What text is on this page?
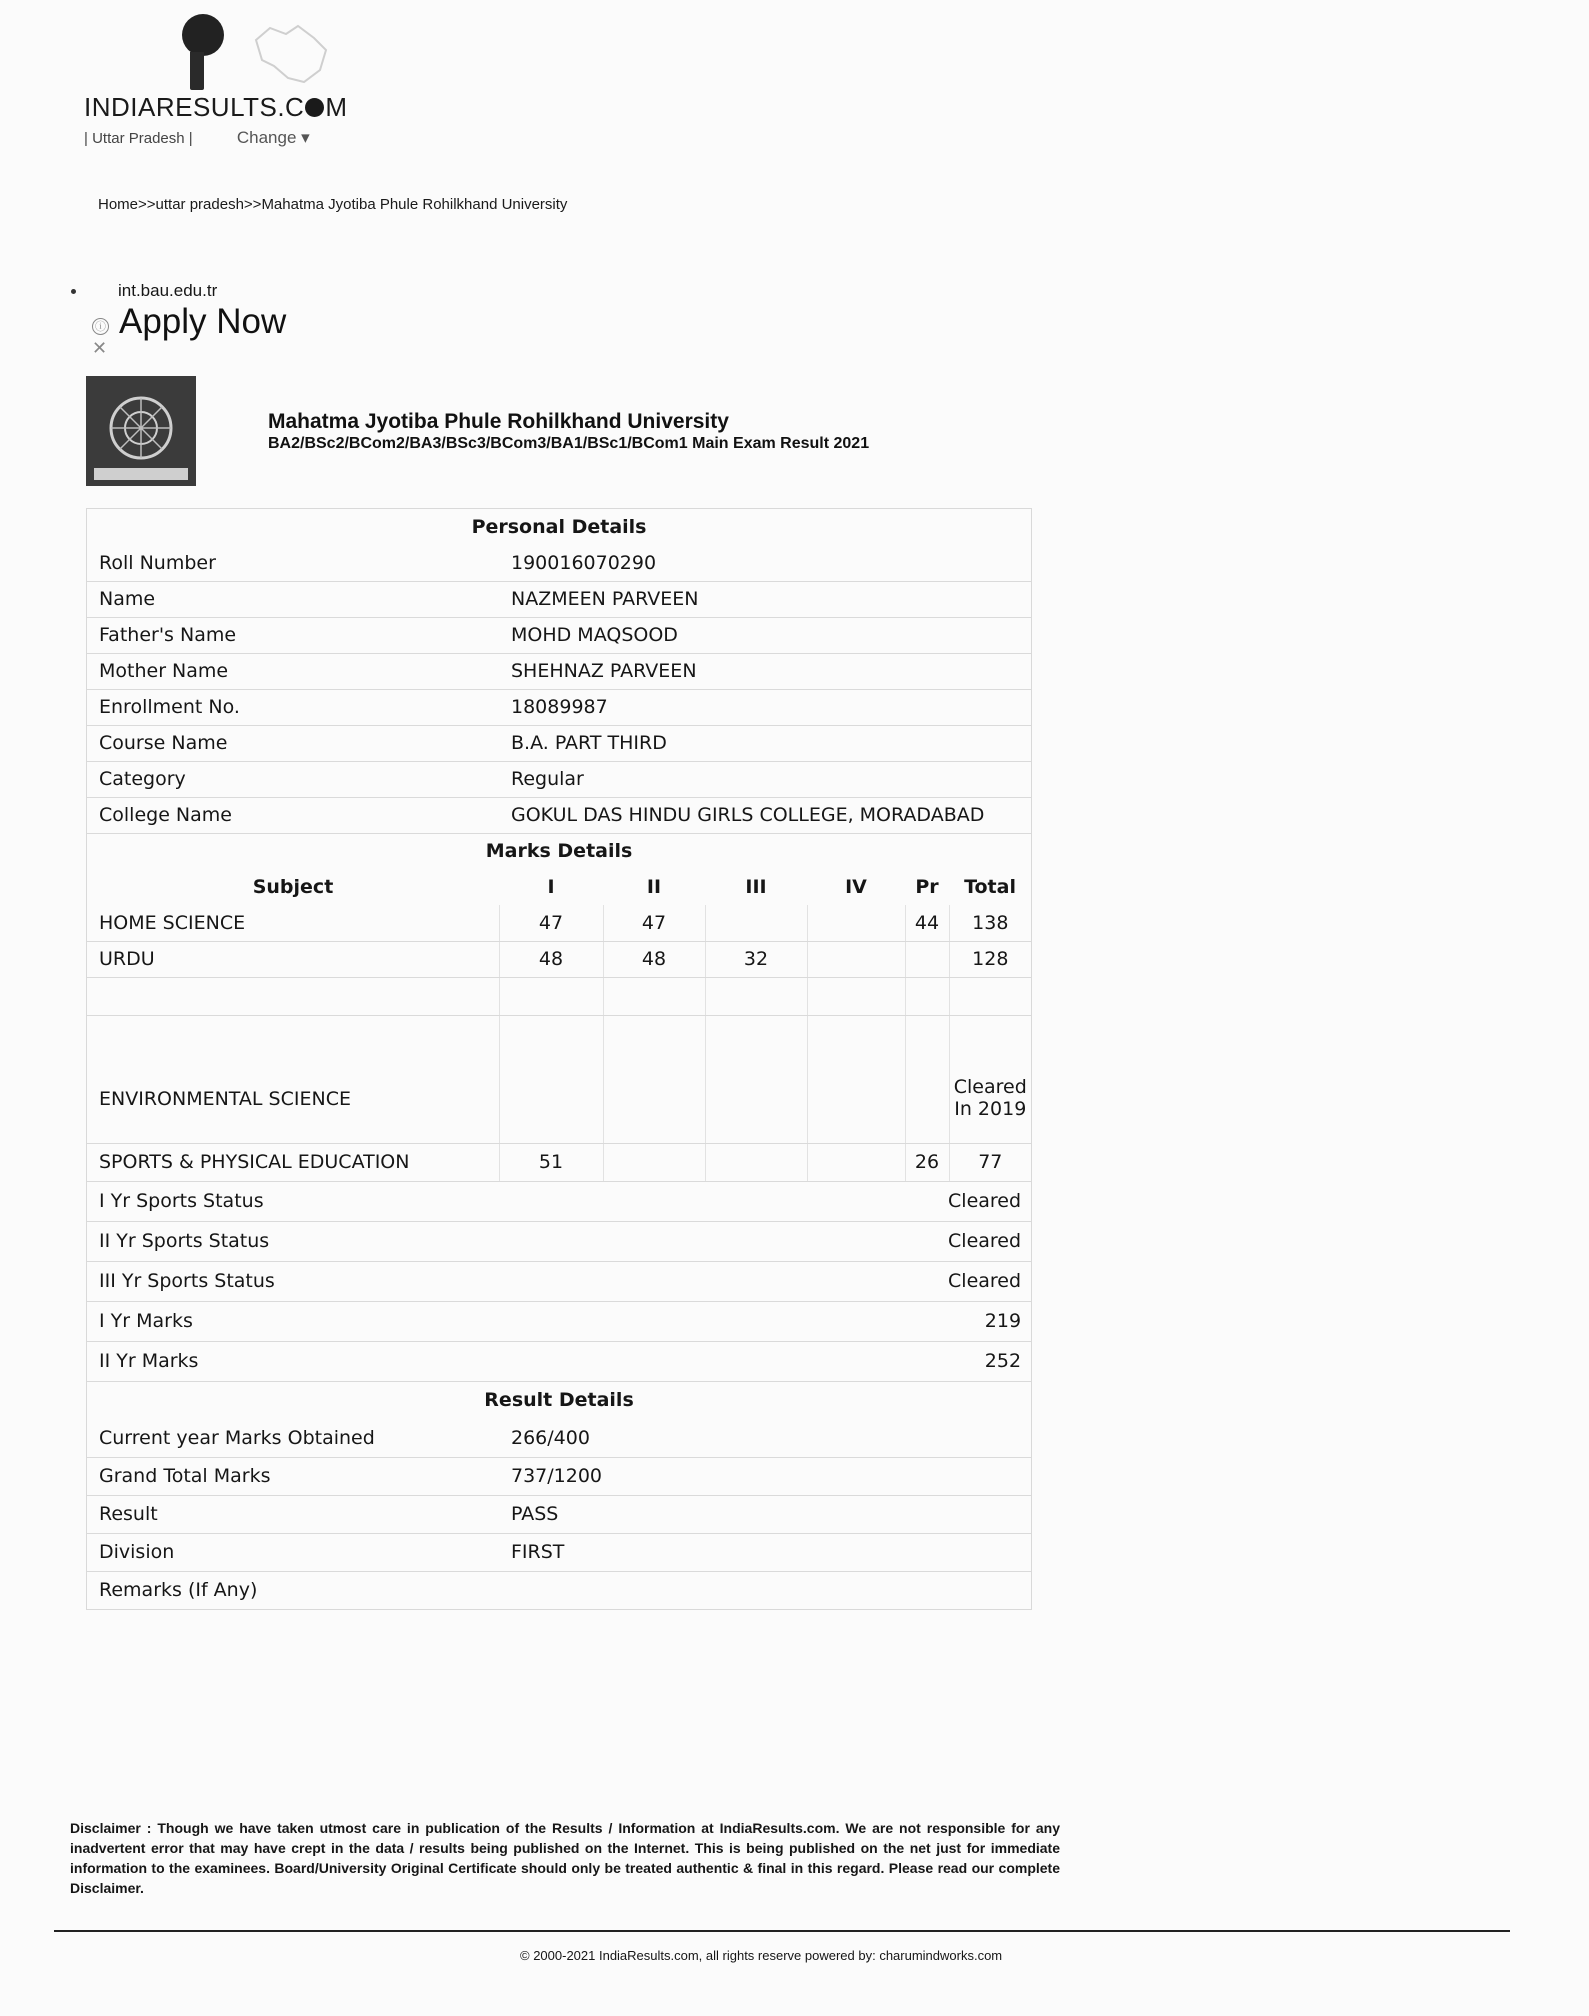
INDIARESULTS.C M
| Uttar Pradesh |	Change ▾
Home>>uttar pradesh>>Mahatma Jyotiba Phule Rohilkhand University
int.bau.edu.tr
ⓘ
✕
Apply Now
Mahatma Jyotiba Phule Rohilkhand University
BA2/BSc2/BCom2/BA3/BSc3/BCom3/BA1/BSc1/BCom1 Main Exam Result 2021
Personal Details						
Roll Number	190016070290					
Name	NAZMEEN PARVEEN					
Father's Name	MOHD MAQSOOD					
Mother Name	SHEHNAZ PARVEEN					
Enrollment No.	18089987					
Course Name	B.A. PART THIRD					
Category	Regular					
College Name	GOKUL DAS HINDU GIRLS COLLEGE, MORADABAD					
Marks Details						
Subject	I	II	III	IV	Pr	Total
HOME SCIENCE	47	47			44	138
URDU	48	48	32			128

ENVIRONMENTAL SCIENCE						Cleared In 2019
SPORTS & PHYSICAL EDUCATION	51				26	77
I Yr Sports Status	Cleared					
II Yr Sports Status	Cleared					
III Yr Sports Status	Cleared					
I Yr Marks	219					
II Yr Marks	252					
Result Details						
Current year Marks Obtained	266/400					
Grand Total Marks	737/1200					
Result	PASS					
Division	FIRST					
Remarks (If Any)						
Disclaimer : Though we have taken utmost care in publication of the Results / Information at IndiaResults.com. We are not responsible for any inadvertent error that may have crept in the data / results being published on the Internet. This is being published on the net just for immediate information to the examinees. Board/University Original Certificate should only be treated authentic & final in this regard. Please read our complete Disclaimer.
© 2000-2021 IndiaResults.com, all rights reserve powered by: charumindworks.com
